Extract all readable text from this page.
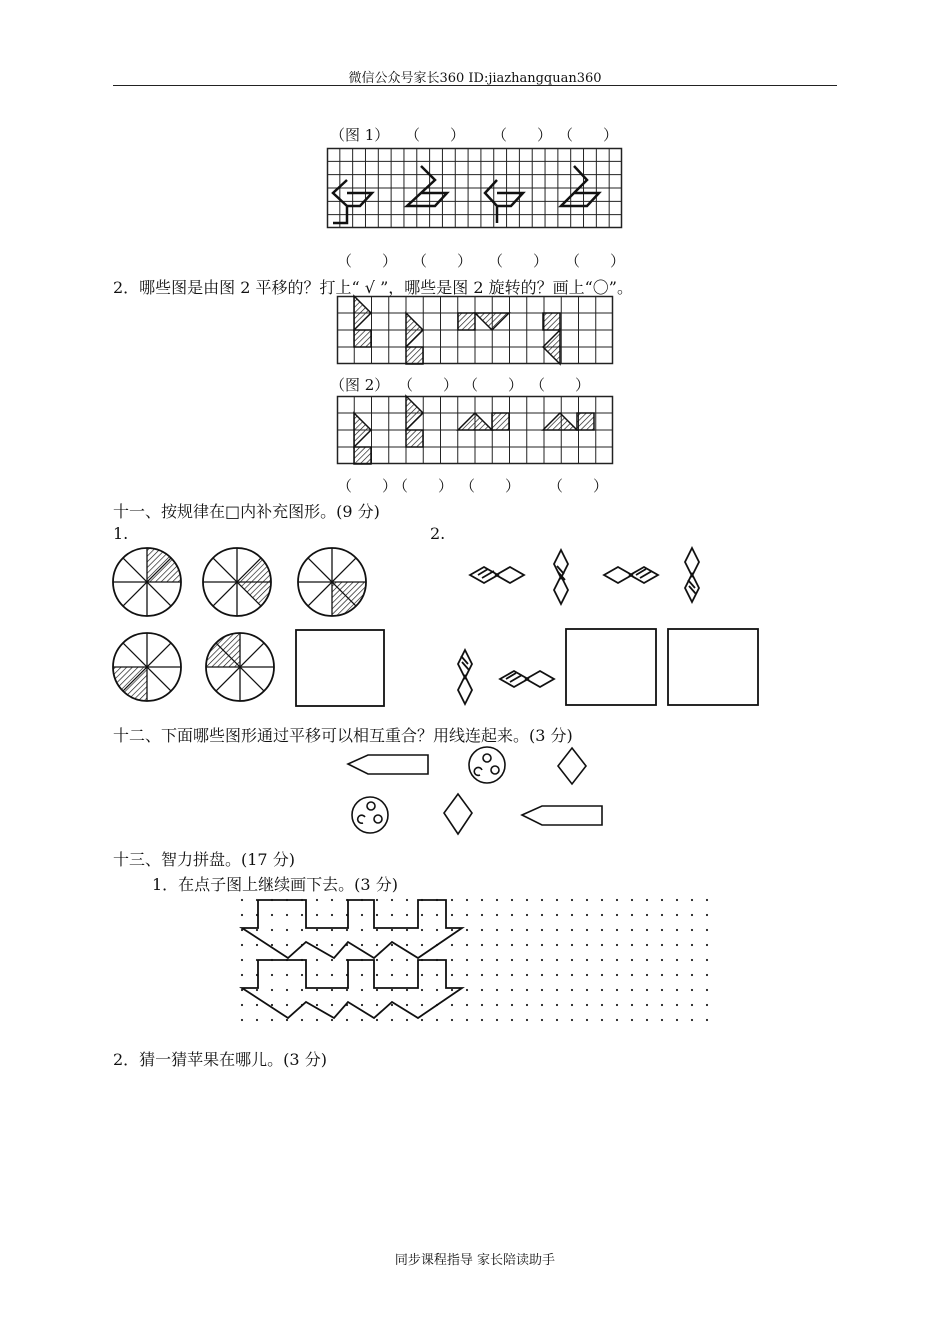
微信公众号家长360 ID:jiazhangquan360
（图 1） （　　） （　　） （　　）
（　　） （　　） （　　） （　　）
2．哪些图是由图 2 平移的？打上“ √ ”，哪些是图 2 旋转的？画上“〇”。
（图 2） （　　） （　　） （　　）
（　　）
（　　） （　　） （　　）
十一、按规律在□内补充图形。(9 分)
1.	2.
十二、下面哪些图形通过平移可以相互重合？用线连起来。(3 分)
十三、智力拼盘。(17 分)
1．在点子图上继续画下去。(3 分)
2．猜一猜苹果在哪儿。(3 分)
同步课程指导 家长陪读助手
